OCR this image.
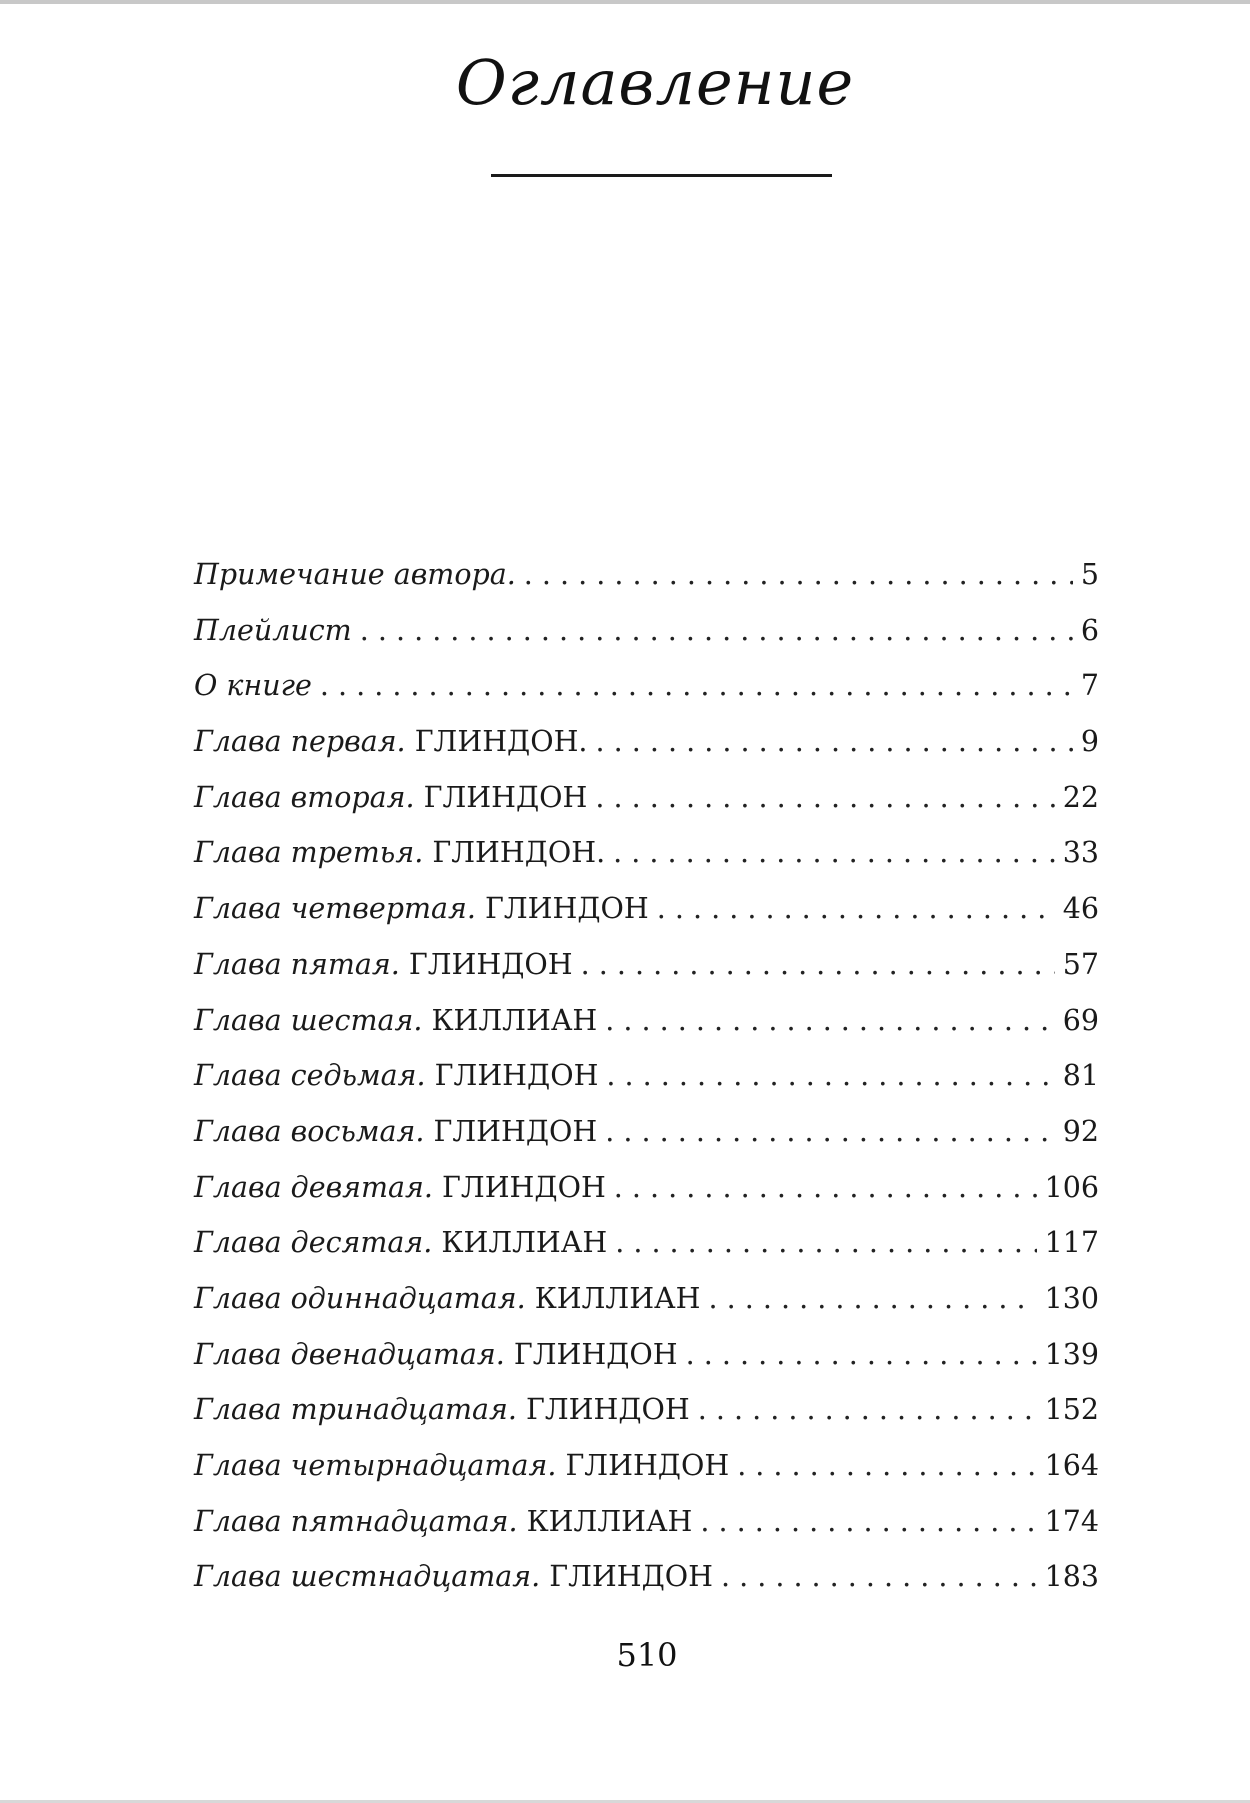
Оглавление
Примечание автора. . . .	5
Плейлист . . .	6
О книге . . .	7
Глава первая. ГЛИНДОН. . . .	9
Глава вторая. ГЛИНДОН . . .	22
Глава третья. ГЛИНДОН. . . .	33
Глава четвертая. ГЛИНДОН . . .	46
Глава пятая. ГЛИНДОН . . .	57
Глава шестая. КИЛЛИАН . . .	69
Глава седьмая. ГЛИНДОН . . .	81
Глава восьмая. ГЛИНДОН . . .	92
Глава девятая. ГЛИНДОН . . .	106
Глава десятая. КИЛЛИАН . . .	117
Глава одиннадцатая. КИЛЛИАН . . .	130
Глава двенадцатая. ГЛИНДОН . . .	139
Глава тринадцатая. ГЛИНДОН . . .	152
Глава четырнадцатая. ГЛИНДОН . . .	164
Глава пятнадцатая. КИЛЛИАН . . .	174
Глава шестнадцатая. ГЛИНДОН . . .	183
510
